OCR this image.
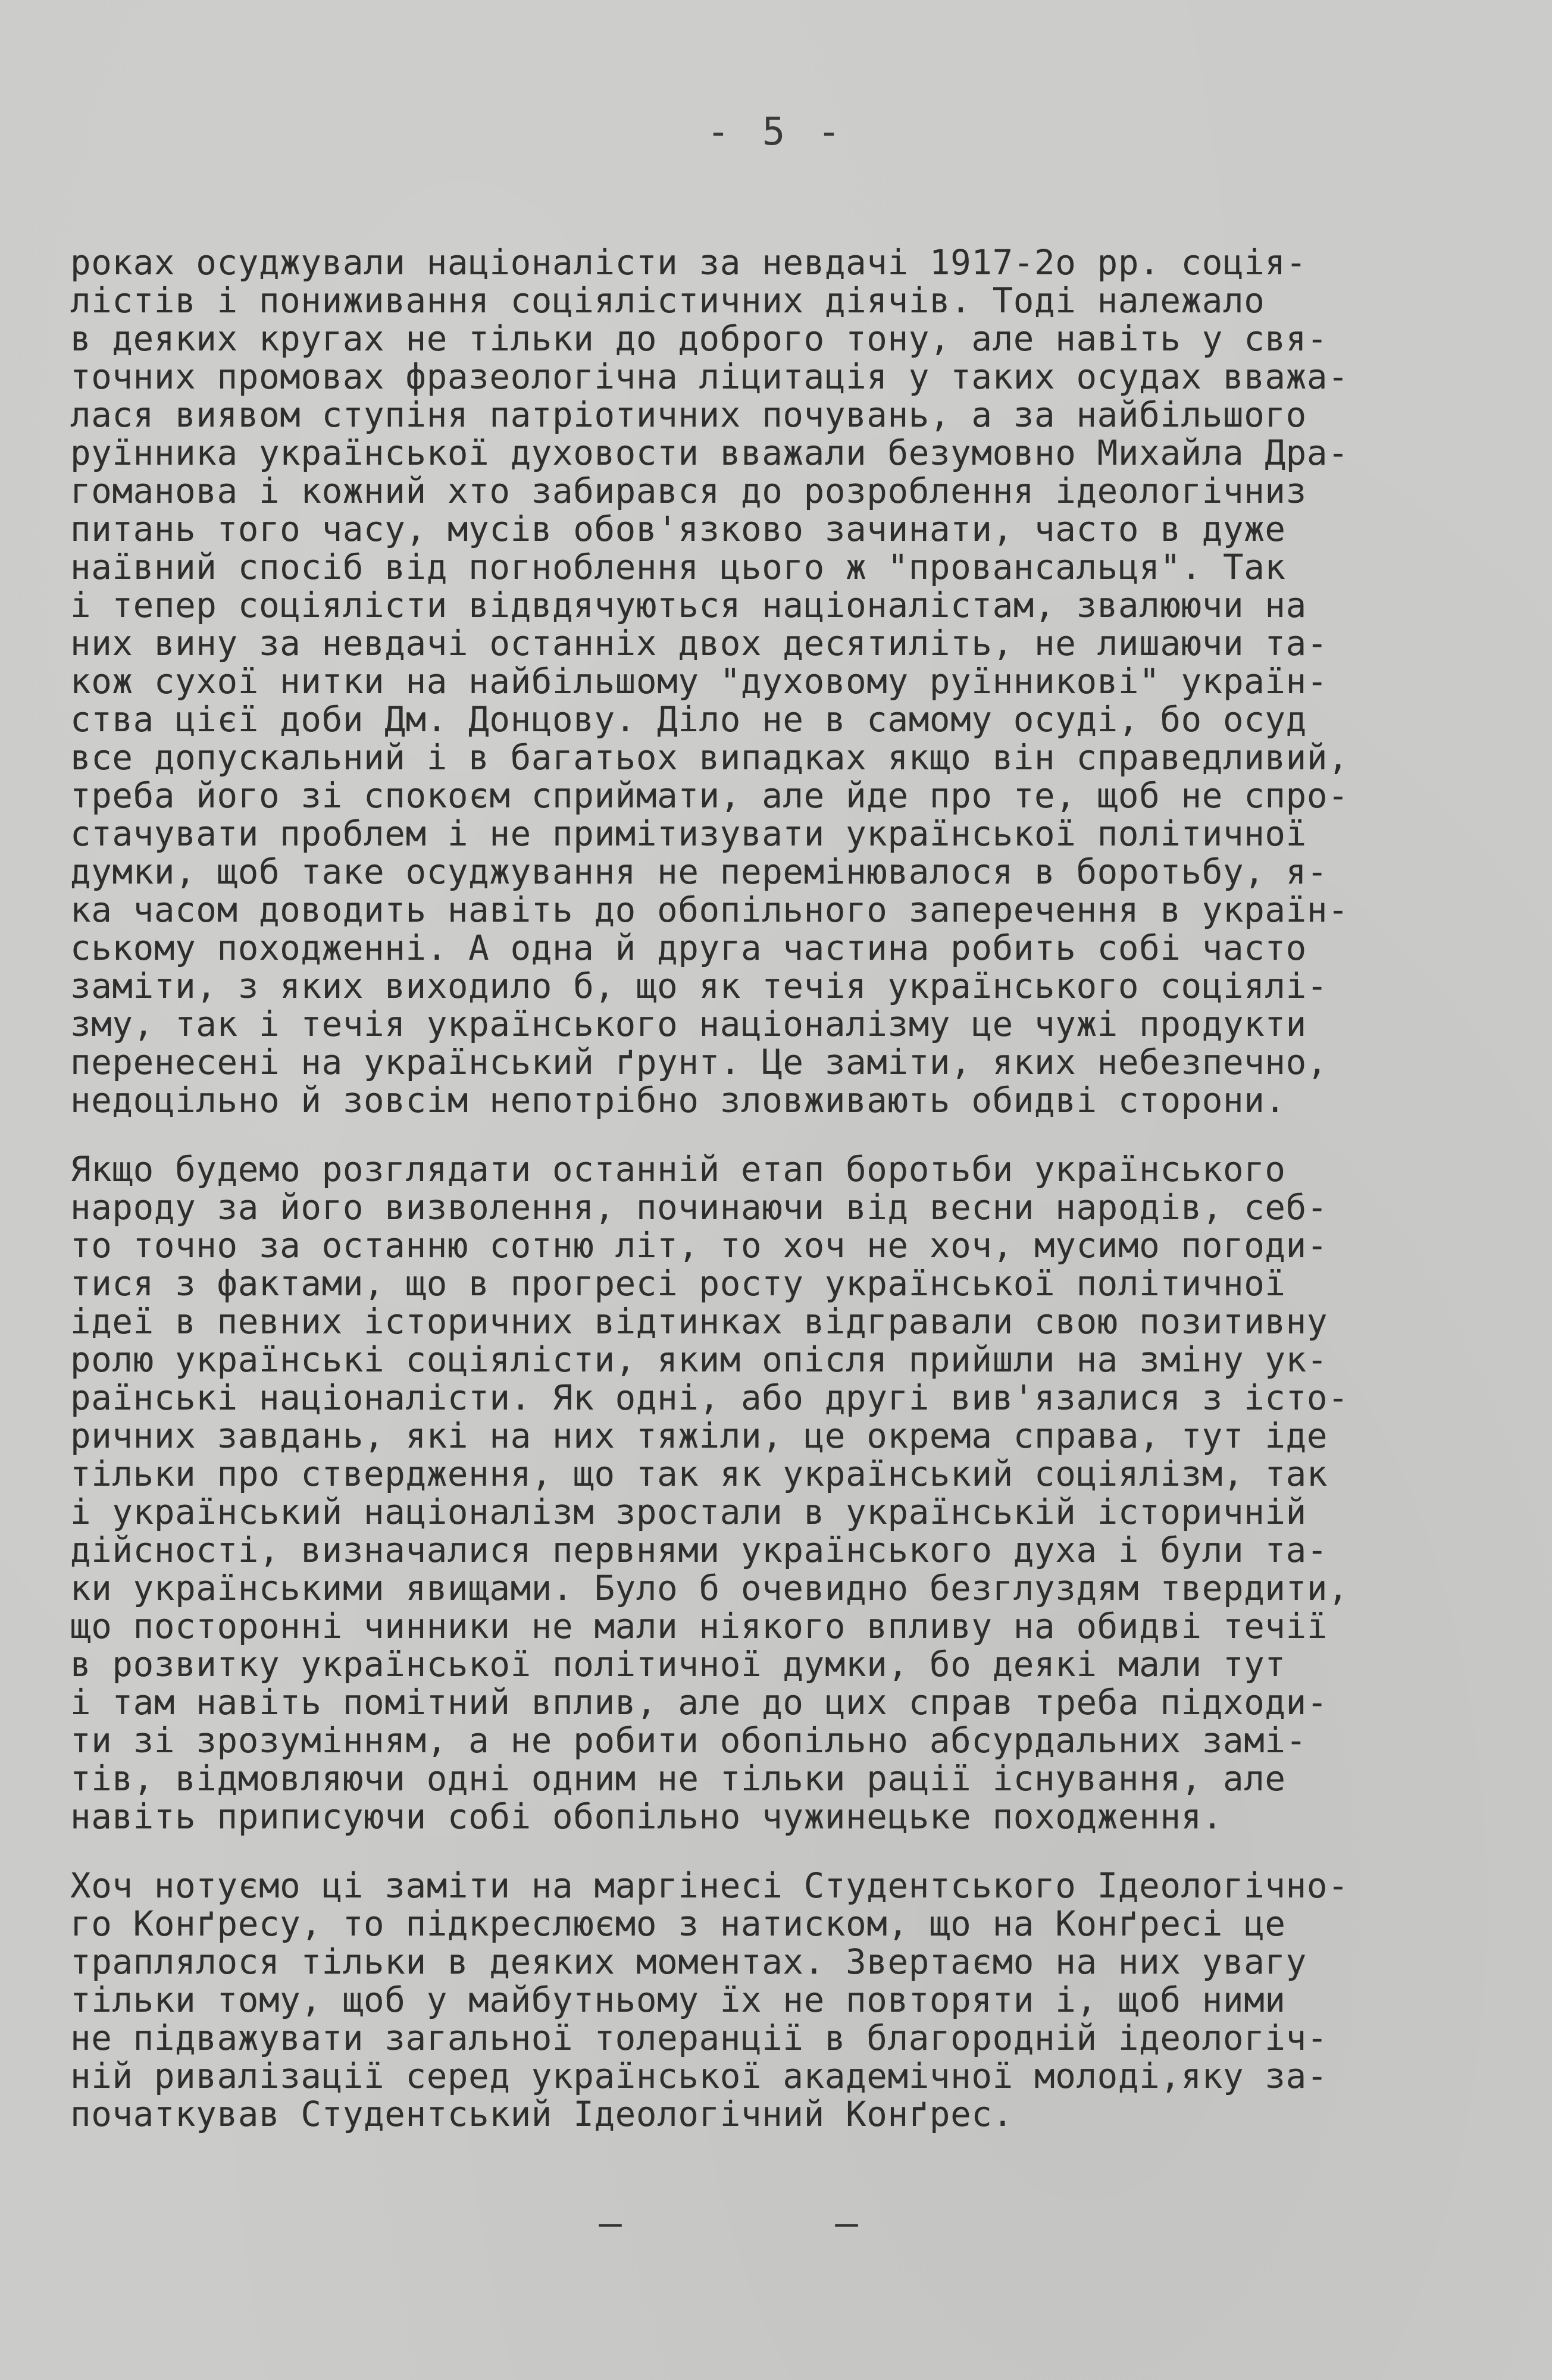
- 5 -
роках осуджували націоналісти за невдачі 1917-2о рр. соція-
лістів і пониживання соціялістичних діячів. Тоді належало
в деяких кругах не тільки до доброго тону, але навіть у свя-
точних промовах фразеологічна ліцитація у таких осудах вважа-
лася виявом ступіня патріотичних почувань, а за найбільшого
руїнника української духовости вважали безумовно Михайла Дра-
гоманова і кожний хто забирався до розроблення ідеологічниз
питань того часу, мусів обов'язково зачинати, часто в дуже
наївний спосіб від погноблення цього ж "провансальця". Так
і тепер соціялісти відвдячуються націоналістам, звалюючи на
них вину за невдачі останніх двох десятиліть, не лишаючи та-
кож сухої нитки на найбільшому "духовому руїнникові" україн-
ства цієї доби Дм. Донцову. Діло не в самому осуді, бо осуд
все допускальний і в багатьох випадках якщо він справедливий,
треба його зі спокоєм сприймати, але йде про те, щоб не спро-
стачувати проблем і не примітизувати української політичної
думки, щоб таке осуджування не перемінювалося в боротьбу, я-
ка часом доводить навіть до обопільного заперечення в україн-
ському походженні. А одна й друга частина робить собі часто
заміти, з яких виходило б, що як течія українського соціялі-
зму, так і течія українського націоналізму це чужі продукти
перенесені на український ґрунт. Це заміти, яких небезпечно,
недоцільно й зовсім непотрібно зловживають обидві сторони.
Якщо будемо розглядати останній етап боротьби українського
народу за його визволення, починаючи від весни народів, себ-
то точно за останню сотню літ, то хоч не хоч, мусимо погоди-
тися з фактами, що в прогресі росту української політичної
ідеї в певних історичних відтинках відгравали свою позитивну
ролю українські соціялісти, яким опісля прийшли на зміну ук-
раїнські націоналісти. Як одні, або другі вив'язалися з істо-
ричних завдань, які на них тяжіли, це окрема справа, тут іде
тільки про ствердження, що так як український соціялізм, так
і український націоналізм зростали в українській історичній
дійсності, визначалися первнями українського духа і були та-
ки українськими явищами. Було б очевидно безглуздям твердити,
що посторонні чинники не мали ніякого впливу на обидві течії
в розвитку української політичної думки, бо деякі мали тут
і там навіть помітний вплив, але до цих справ треба підходи-
ти зі зрозумінням, а не робити обопільно абсурдальних замі-
тів, відмовляючи одні одним не тільки рації існування, але
навіть приписуючи собі обопільно чужинецьке походження.
Хоч нотуємо ці заміти на маргінесі Студентського Ідеологічно-
го Конґресу, то підкреслюємо з натиском, що на Конґресі це
траплялося тільки в деяких моментах. Звертаємо на них увагу
тільки тому, щоб у майбутньому їх не повторяти і, щоб ними
не підважувати загальної толеранції в благородній ідеологіч-
ній ривалізації серед української академічної молоді,яку за-
початкував Студентський Ідеологічний Конґрес.
— —
